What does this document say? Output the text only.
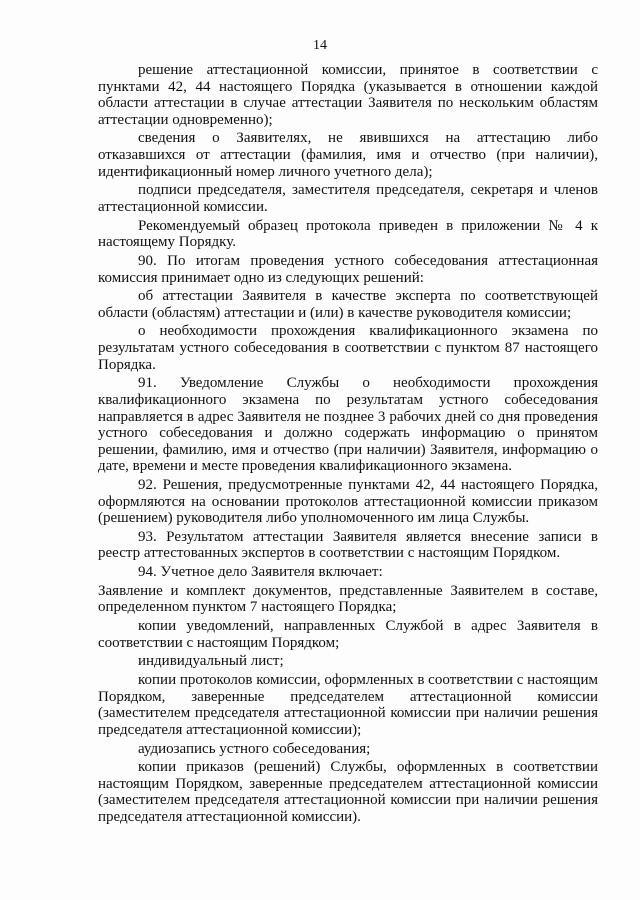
14

решение аттестационной комиссии, принятое в соответствии с пунктами 42, 44 настоящего Порядка (указывается в отношении каждой области аттестации в случае аттестации Заявителя по нескольким областям аттестации одновременно);

сведения о Заявителях, не явившихся на аттестацию либо отказавшихся от аттестации (фамилия, имя и отчество (при наличии), идентификационный номер личного учетного дела);

подписи председателя, заместителя председателя, секретаря и членов аттестационной комиссии.

Рекомендуемый образец протокола приведен в приложении № 4 к настоящему Порядку.

90. По итогам проведения устного собеседования аттестационная комиссия принимает одно из следующих решений:

об аттестации Заявителя в качестве эксперта по соответствующей области (областям) аттестации и (или) в качестве руководителя комиссии;

о необходимости прохождения квалификационного экзамена по результатам устного собеседования в соответствии с пунктом 87 настоящего Порядка.

91. Уведомление Службы о необходимости прохождения квалификационного экзамена по результатам устного собеседования направляется в адрес Заявителя не позднее 3 рабочих дней со дня проведения устного собеседования и должно содержать информацию о принятом решении, фамилию, имя и отчество (при наличии) Заявителя, информацию о дате, времени и месте проведения квалификационного экзамена.

92. Решения, предусмотренные пунктами 42, 44 настоящего Порядка, оформляются на основании протоколов аттестационной комиссии приказом (решением) руководителя либо уполномоченного им лица Службы.

93. Результатом аттестации Заявителя является внесение записи в реестр аттестованных экспертов в соответствии с настоящим Порядком.

94. Учетное дело Заявителя включает:

Заявление и комплект документов, представленные Заявителем в составе, определенном пунктом 7 настоящего Порядка;

копии уведомлений, направленных Службой в адрес Заявителя в соответствии с настоящим Порядком;

индивидуальный лист;

копии протоколов комиссии, оформленных в соответствии с настоящим Порядком, заверенные председателем аттестационной комиссии (заместителем председателя аттестационной комиссии при наличии решения председателя аттестационной комиссии);

аудиозапись устного собеседования;

копии приказов (решений) Службы, оформленных в соответствии настоящим Порядком, заверенные председателем аттестационной комиссии (заместителем председателя аттестационной комиссии при наличии решения председателя аттестационной комиссии).
